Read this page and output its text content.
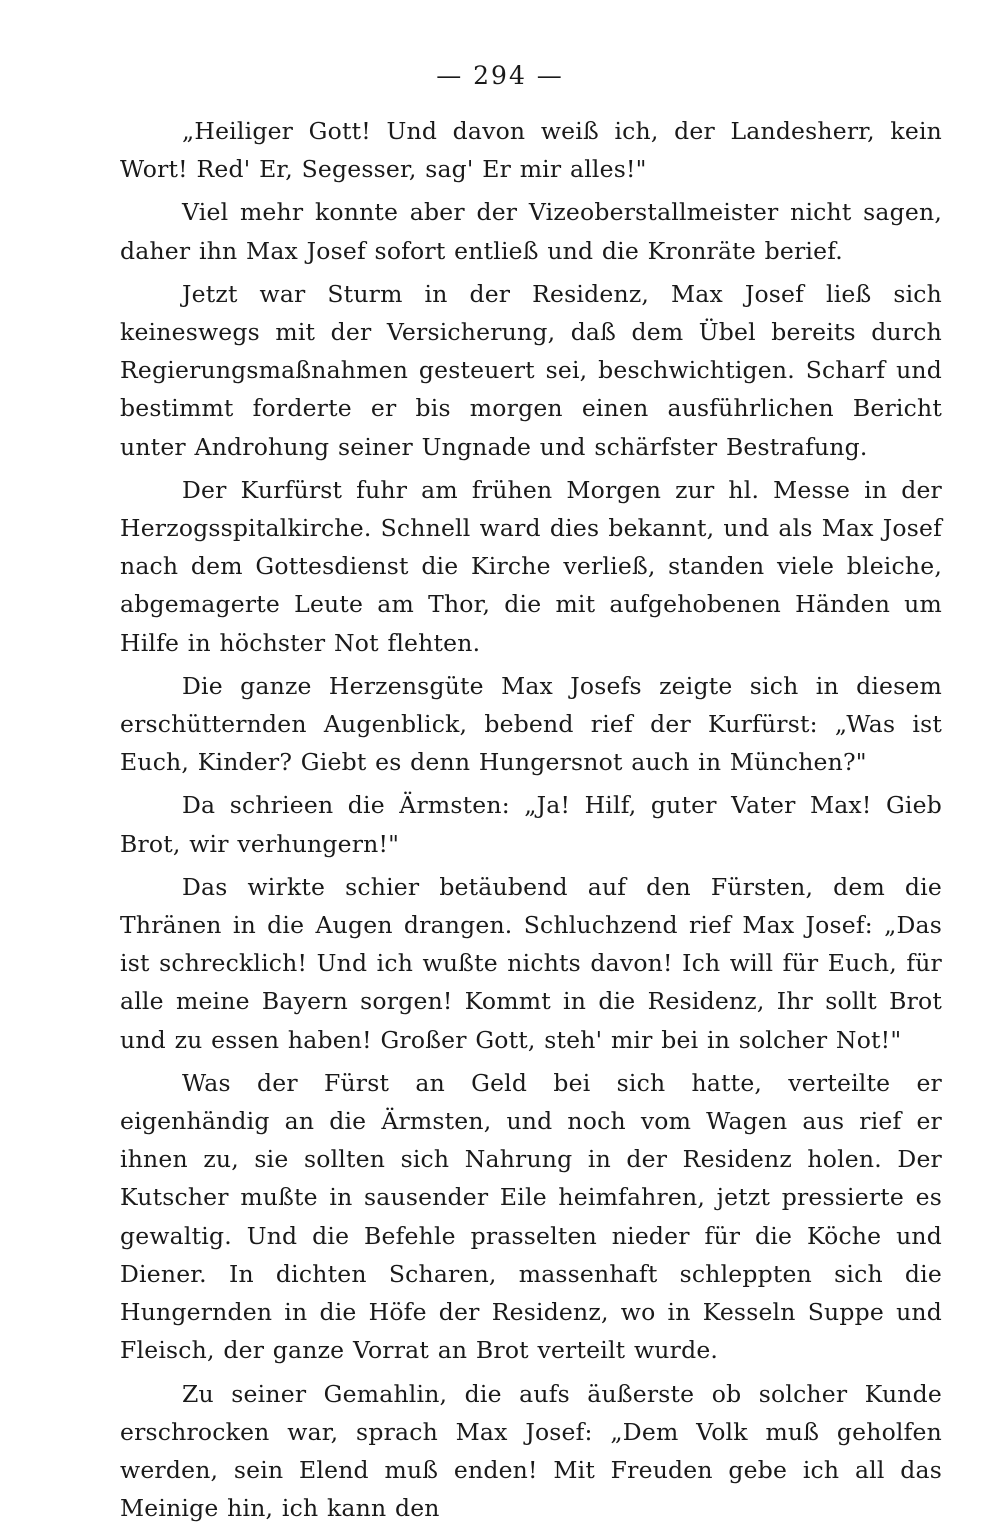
— 294 —

„Heiliger Gott! Und davon weiß ich, der Landesherr, kein Wort! Red' Er, Segesser, sag' Er mir alles!"

Viel mehr konnte aber der Vizeoberstallmeister nicht sagen, daher ihn Max Josef sofort entließ und die Kronräte berief.

Jetzt war Sturm in der Residenz, Max Josef ließ sich keineswegs mit der Versicherung, daß dem Übel bereits durch Regierungsmaßnahmen gesteuert sei, beschwichtigen. Scharf und bestimmt forderte er bis morgen einen ausführlichen Bericht unter Androhung seiner Ungnade und schärfster Bestrafung.

Der Kurfürst fuhr am frühen Morgen zur hl. Messe in der Herzogsspitalkirche. Schnell ward dies bekannt, und als Max Josef nach dem Gottesdienst die Kirche verließ, standen viele bleiche, abgemagerte Leute am Thor, die mit aufgehobenen Händen um Hilfe in höchster Not flehten.

Die ganze Herzensgüte Max Josefs zeigte sich in diesem erschütternden Augenblick, bebend rief der Kurfürst: „Was ist Euch, Kinder? Giebt es denn Hungersnot auch in München?"

Da schrieen die Ärmsten: „Ja! Hilf, guter Vater Max! Gieb Brot, wir verhungern!"

Das wirkte schier betäubend auf den Fürsten, dem die Thränen in die Augen drangen. Schluchzend rief Max Josef: „Das ist schrecklich! Und ich wußte nichts davon! Ich will für Euch, für alle meine Bayern sorgen! Kommt in die Residenz, Ihr sollt Brot und zu essen haben! Großer Gott, steh' mir bei in solcher Not!"

Was der Fürst an Geld bei sich hatte, verteilte er eigenhändig an die Ärmsten, und noch vom Wagen aus rief er ihnen zu, sie sollten sich Nahrung in der Residenz holen. Der Kutscher mußte in sausender Eile heimfahren, jetzt pressierte es gewaltig. Und die Befehle prasselten nieder für die Köche und Diener. In dichten Scharen, massenhaft schleppten sich die Hungernden in die Höfe der Residenz, wo in Kesseln Suppe und Fleisch, der ganze Vorrat an Brot verteilt wurde.

Zu seiner Gemahlin, die aufs äußerste ob solcher Kunde erschrocken war, sprach Max Josef: „Dem Volk muß geholfen werden, sein Elend muß enden! Mit Freuden gebe ich all das Meinige hin, ich kann den
